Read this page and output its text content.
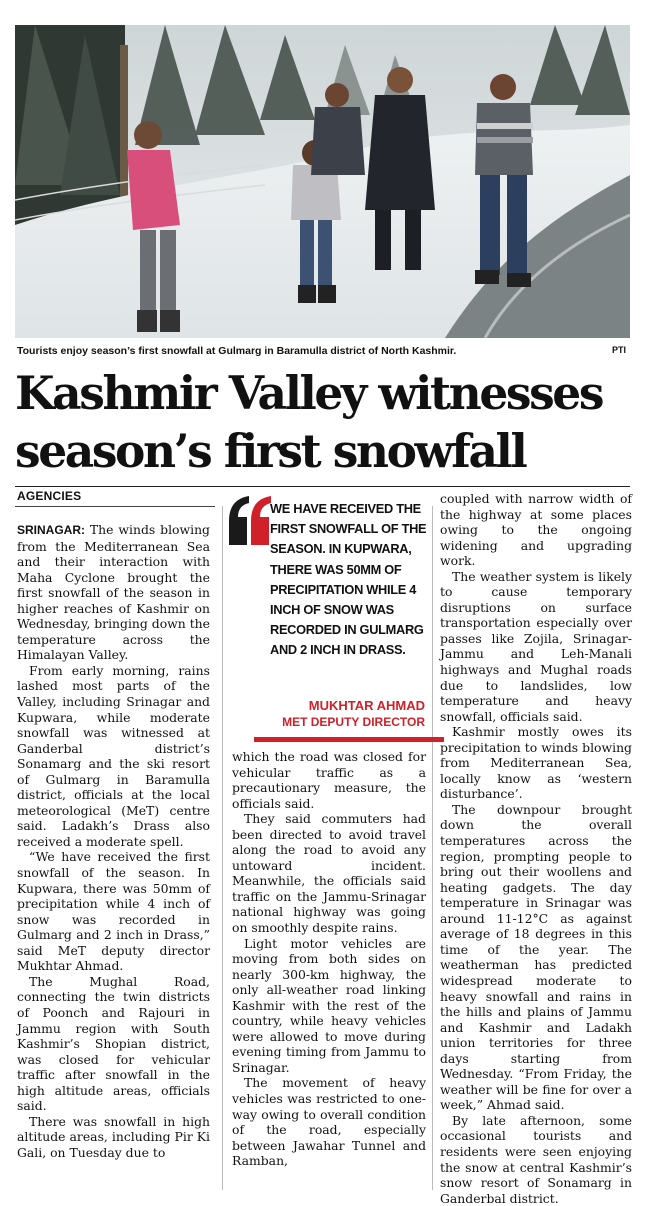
Tourists enjoy season’s first snowfall at Gulmarg in Baramulla district of North Kashmir.	PTI
Kashmir Valley witnesses
season’s first snowfall
AGENCIES

SRINAGAR: The winds blowing from the Mediterranean Sea and their interaction with Maha Cyclone brought the first snowfall of the season in higher reaches of Kashmir on Wednesday, bringing down the temperature across the Himalayan Valley.

From early morning, rains lashed most parts of the Valley, including Srinagar and Kupwara, while moderate snowfall was witnessed at Ganderbal district’s Sonamarg and the ski resort of Gulmarg in Baramulla district, officials at the local meteorological (MeT) centre said. Ladakh’s Drass also received a moderate spell.

“We have received the first snowfall of the season. In Kupwara, there was 50mm of precipitation while 4 inch of snow was recorded in Gulmarg and 2 inch in Drass,” said MeT deputy director Mukhtar Ahmad.

The Mughal Road, connecting the twin districts of Poonch and Rajouri in Jammu region with South Kashmir’s Shopian district, was closed for vehicular traffic after snowfall in the high altitude areas, officials said.

There was snowfall in high altitude areas, including Pir Ki Gali, on Tuesday due to

WE HAVE RECEIVED THE FIRST SNOWFALL OF THE SEASON. IN KUPWARA, THERE WAS 50MM OF PRECIPITATION WHILE 4 INCH OF SNOW WAS RECORDED IN GULMARG AND 2 INCH IN DRASS.
MUKHTAR AHMAD
MET DEPUTY DIRECTOR

which the road was closed for vehicular traffic as a precautionary measure, the officials said.

They said commuters had been directed to avoid travel along the road to avoid any untoward incident. Meanwhile, the officials said traffic on the Jammu-Srinagar national highway was going on smoothly despite rains.

Light motor vehicles are moving from both sides on nearly 300-km highway, the only all-weather road linking Kashmir with the rest of the country, while heavy vehicles were allowed to move during evening timing from Jammu to Srinagar.

The movement of heavy vehicles was restricted to one-way owing to overall condition of the road, especially between Jawahar Tunnel and Ramban,

coupled with narrow width of the highway at some places owing to the ongoing widening and upgrading work.

The weather system is likely to cause temporary disruptions on surface transportation especially over passes like Zojila, Srinagar- Jammu and Leh-Manali highways and Mughal roads due to landslides, low temperature and heavy snowfall, officials said.

Kashmir mostly owes its precipitation to winds blowing from Mediterranean Sea, locally know as ‘western disturbance’.

The downpour brought down the overall temperatures across the region, prompting people to bring out their woollens and heating gadgets. The day temperature in Srinagar was around 11-12°C as against average of 18 degrees in this time of the year. The weatherman has predicted widespread moderate to heavy snowfall and rains in the hills and plains of Jammu and Kashmir and Ladakh union territories for three days starting from Wednesday. “From Friday, the weather will be fine for over a week,” Ahmad said.

By late afternoon, some occasional tourists and residents were seen enjoying the snow at central Kashmir’s snow resort of Sonamarg in Ganderbal district.
